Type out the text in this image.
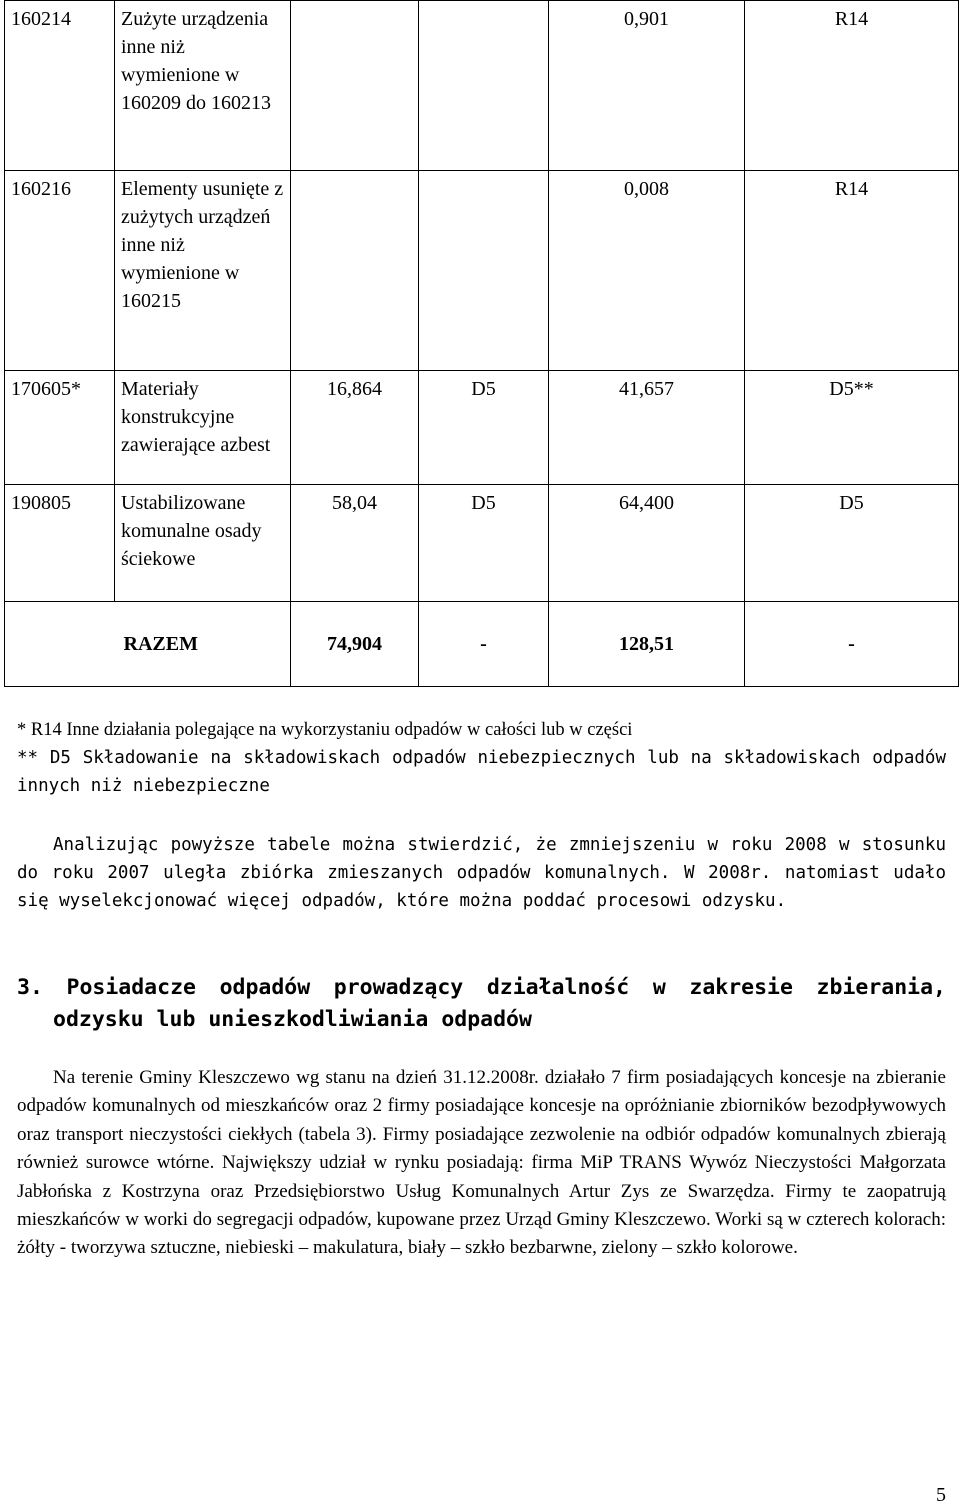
160214	Zużyte urządzenia inne niż wymienione w 160209 do 160213			0,901	R14
160216	Elementy usunięte z zużytych urządzeń inne niż wymienione w 160215			0,008	R14
170605*	Materiały konstrukcyjne zawierające azbest	16,864	D5	41,657	D5**
190805	Ustabilizowane komunalne osady ściekowe	58,04	D5	64,400	D5
RAZEM		74,904	-	128,51	-

* R14 Inne działania polegające na wykorzystaniu odpadów w całości lub w części

** D5 Składowanie na składowiskach odpadów niebezpiecznych lub na składowiskach odpadów innych niż niebezpieczne

Analizując powyższe tabele można stwierdzić, że zmniejszeniu w roku 2008 w stosunku do roku 2007 uległa zbiórka zmieszanych odpadów komunalnych. W 2008r. natomiast udało się wyselekcjonować więcej odpadów, które można poddać procesowi odzysku.

3. Posiadacze odpadów prowadzący działalność w zakresie zbierania, odzysku lub unieszkodliwiania odpadów

Na terenie Gminy Kleszczewo wg stanu na dzień 31.12.2008r. działało 7 firm posiadających koncesje na zbieranie odpadów komunalnych od mieszkańców oraz 2 firmy posiadające koncesje na opróżnianie zbiorników bezodpływowych oraz transport nieczystości ciekłych (tabela 3). Firmy posiadające zezwolenie na odbiór odpadów komunalnych zbierają również surowce wtórne. Największy udział w rynku posiadają: firma MiP TRANS Wywóz Nieczystości Małgorzata Jabłońska z Kostrzyna oraz Przedsiębiorstwo Usług Komunalnych Artur Zys ze Swarzędza. Firmy te zaopatrują mieszkańców w worki do segregacji odpadów, kupowane przez Urząd Gminy Kleszczewo. Worki są w czterech kolorach: żółty - tworzywa sztuczne, niebieski – makulatura, biały – szkło bezbarwne, zielony – szkło kolorowe.

5
